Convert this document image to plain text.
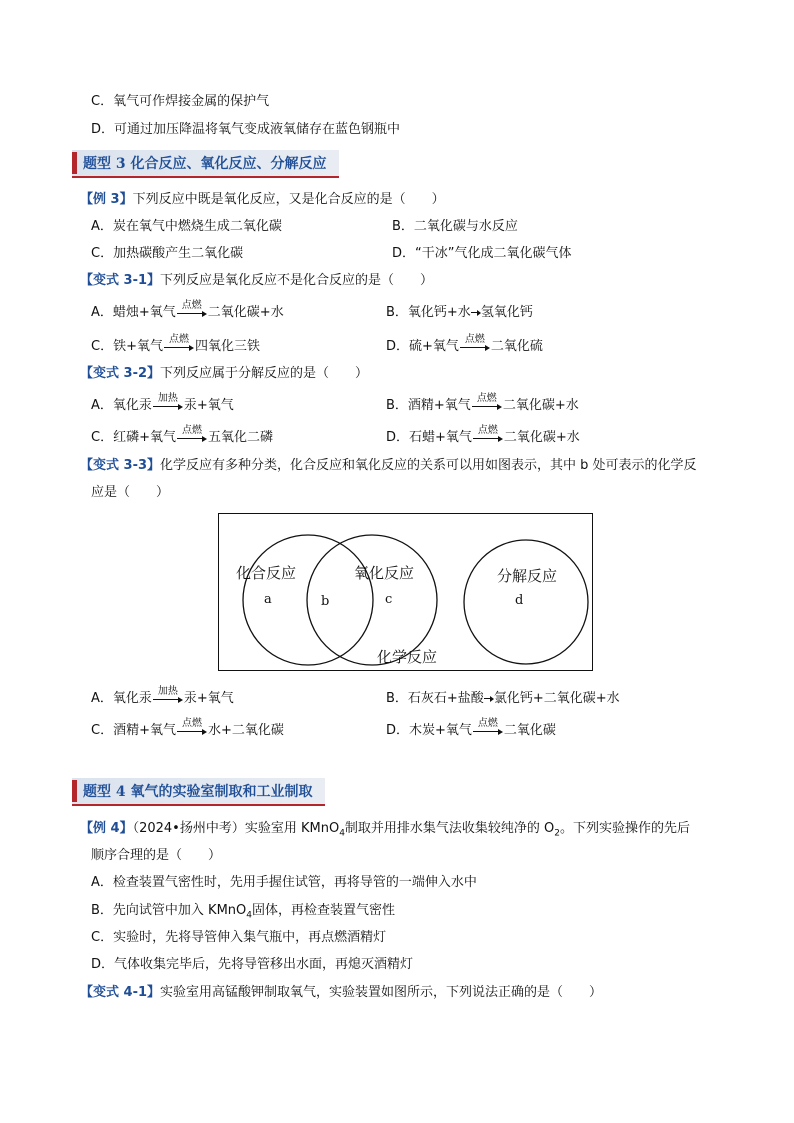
C．氧气可作焊接金属的保护气
D．可通过加压降温将氧气变成液氧储存在蓝色钢瓶中
题型 3 化合反应、氧化反应、分解反应
【例 3】下列反应中既是氧化反应，又是化合反应的是（　　）
A．炭在氧气中燃烧生成二氧化碳	B．二氧化碳与水反应
C．加热碳酸产生二氧化碳	D．“干冰”气化成二氧化碳气体
【变式 3-1】下列反应是氧化反应不是化合反应的是（　　）
A．蜡烛+氧气 点燃 二氧化碳+水	B．氧化钙+水 氢氧化钙
C．铁+氧气 点燃 四氧化三铁	D．硫+氧气 点燃 二氧化硫
【变式 3-2】下列反应属于分解反应的是（　　）
A．氧化汞 加热 汞+氧气	B．酒精+氧气 点燃 二氧化碳+水
C．红磷+氧气 点燃 五氧化二磷	D．石蜡+氧气 点燃 二氧化碳+水
【变式 3-3】化学反应有多种分类，化合反应和氧化反应的关系可以用如图表示，其中 b 处可表示的化学反
应是（　　）
化合反应	氧化反应	分解反应
化学反应
a	b	c	d
A．氧化汞 加热 汞+氧气	B．石灰石+盐酸 氯化钙+二氧化碳+水
C．酒精+氧气 点燃 水+二氧化碳	D．木炭+氧气 点燃 二氧化碳
题型 4 氧气的实验室制取和工业制取
【例 4】（2024•扬州中考）实验室用 KMnO$_4$制取并用排水集气法收集较纯净的 $O_2$。下列实验操作的先后
顺序合理的是（　　）
A．检查装置气密性时，先用手握住试管，再将导管的一端伸入水中
B．先向试管中加入 KMnO$_4$固体，再检查装置气密性
C．实验时，先将导管伸入集气瓶中，再点燃酒精灯
D．气体收集完毕后，先将导管移出水面，再熄灭酒精灯
【变式 4-1】实验室用高锰酸钾制取氧气，实验装置如图所示，下列说法正确的是（　　）
